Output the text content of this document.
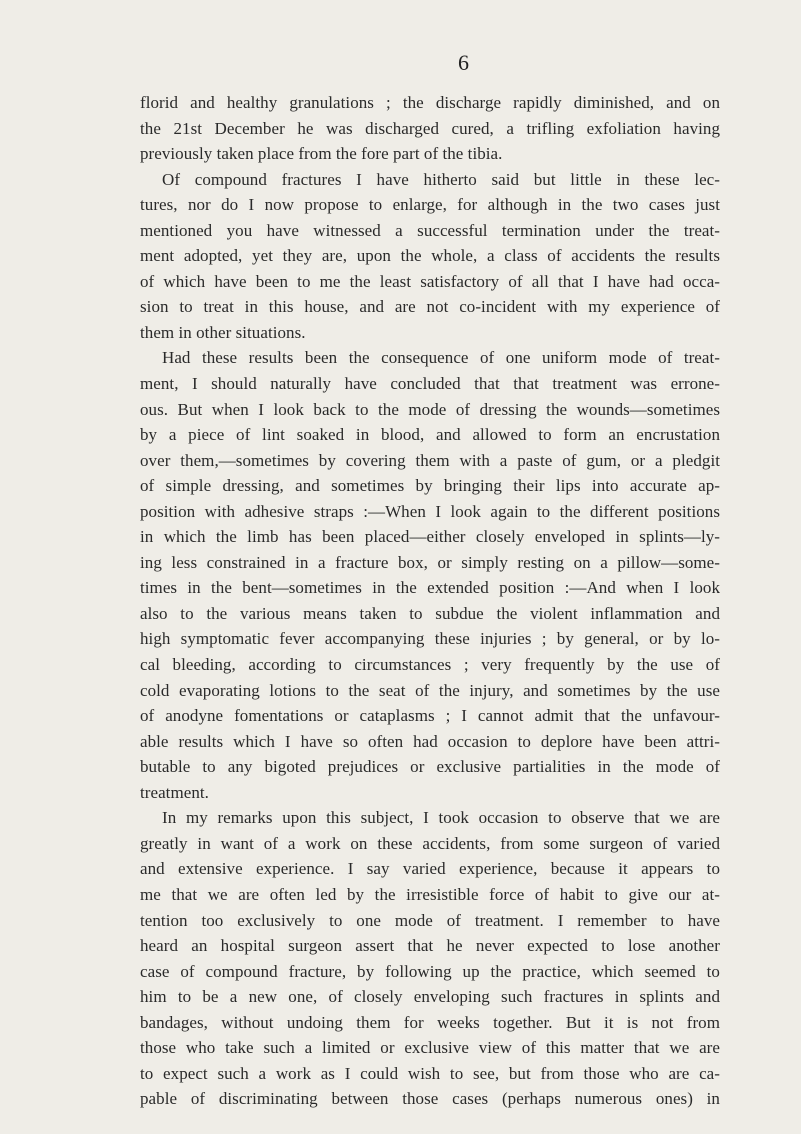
6
florid and healthy granulations ; the discharge rapidly diminished, and on
the 21st December he was discharged cured, a trifling exfoliation having
previously taken place from the fore part of the tibia.
Of compound fractures I have hitherto said but little in these lec-
tures, nor do I now propose to enlarge, for although in the two cases just
mentioned you have witnessed a successful termination under the treat-
ment adopted, yet they are, upon the whole, a class of accidents the results
of which have been to me the least satisfactory of all that I have had occa-
sion to treat in this house, and are not co-incident with my experience of
them in other situations.
Had these results been the consequence of one uniform mode of treat-
ment, I should naturally have concluded that that treatment was errone-
ous. But when I look back to the mode of dressing the wounds—sometimes
by a piece of lint soaked in blood, and allowed to form an encrustation
over them,—sometimes by covering them with a paste of gum, or a pledgit
of simple dressing, and sometimes by bringing their lips into accurate ap-
position with adhesive straps :—When I look again to the different positions
in which the limb has been placed—either closely enveloped in splints—ly-
ing less constrained in a fracture box, or simply resting on a pillow—some-
times in the bent—sometimes in the extended position :—And when I look
also to the various means taken to subdue the violent inflammation and
high symptomatic fever accompanying these injuries ; by general, or by lo-
cal bleeding, according to circumstances ; very frequently by the use of
cold evaporating lotions to the seat of the injury, and sometimes by the use
of anodyne fomentations or cataplasms ; I cannot admit that the unfavour-
able results which I have so often had occasion to deplore have been attri-
butable to any bigoted prejudices or exclusive partialities in the mode of
treatment.
In my remarks upon this subject, I took occasion to observe that we are
greatly in want of a work on these accidents, from some surgeon of varied
and extensive experience. I say varied experience, because it appears to
me that we are often led by the irresistible force of habit to give our at-
tention too exclusively to one mode of treatment. I remember to have
heard an hospital surgeon assert that he never expected to lose another
case of compound fracture, by following up the practice, which seemed to
him to be a new one, of closely enveloping such fractures in splints and
bandages, without undoing them for weeks together. But it is not from
those who take such a limited or exclusive view of this matter that we are
to expect such a work as I could wish to see, but from those who are ca-
pable of discriminating between those cases (perhaps numerous ones) in
